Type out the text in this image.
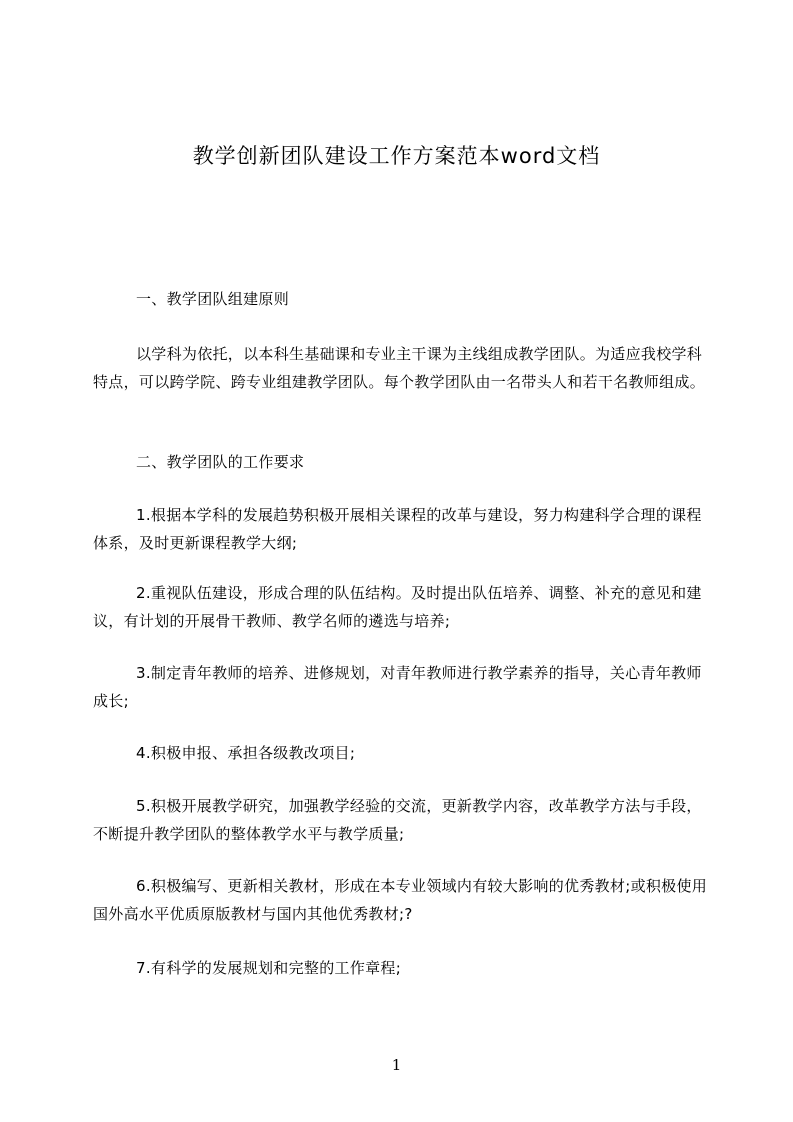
教学创新团队建设工作方案范本word文档
一、教学团队组建原则
以学科为依托，以本科生基础课和专业主干课为主线组成教学团队。为适应我校学科特点，可以跨学院、跨专业组建教学团队。每个教学团队由一名带头人和若干名教师组成。
二、教学团队的工作要求
1.根据本学科的发展趋势积极开展相关课程的改革与建设，努力构建科学合理的课程体系，及时更新课程教学大纲;
2.重视队伍建设，形成合理的队伍结构。及时提出队伍培养、调整、补充的意见和建议，有计划的开展骨干教师、教学名师的遴选与培养;
3.制定青年教师的培养、进修规划，对青年教师进行教学素养的指导，关心青年教师成长;
4.积极申报、承担各级教改项目;
5.积极开展教学研究，加强教学经验的交流，更新教学内容，改革教学方法与手段，不断提升教学团队的整体教学水平与教学质量;
6.积极编写、更新相关教材，形成在本专业领域内有较大影响的优秀教材;或积极使用国外高水平优质原版教材与国内其他优秀教材;?
7.有科学的发展规划和完整的工作章程;
1
